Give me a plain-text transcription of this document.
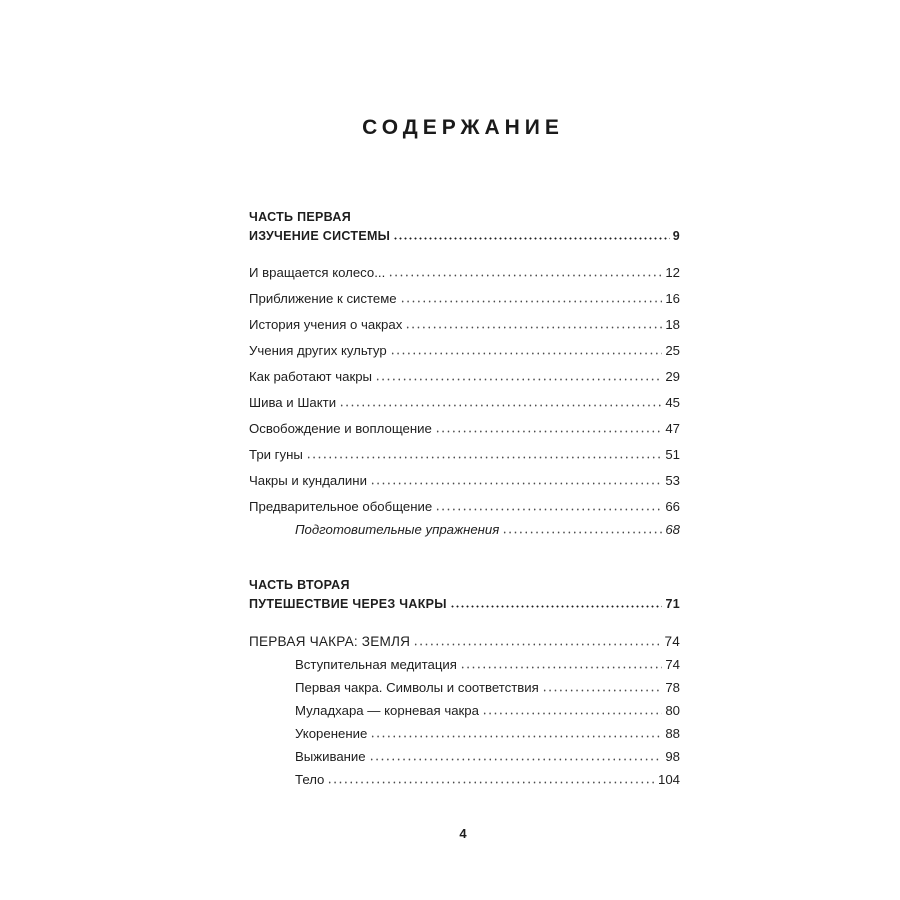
СОДЕРЖАНИЕ
ЧАСТЬ ПЕРВАЯ
ИЗУЧЕНИЕ СИСТЕМЫ	9
И вращается колесо...	12
Приближение к системе	16
История учения о чакрах	18
Учения других культур	25
Как работают чакры	29
Шива и Шакти	45
Освобождение и воплощение	47
Три гуны	51
Чакры и кундалини	53
Предварительное обобщение	66
Подготовительные упражнения	68
ЧАСТЬ ВТОРАЯ
ПУТЕШЕСТВИЕ ЧЕРЕЗ ЧАКРЫ	71
ПЕРВАЯ ЧАКРА: ЗЕМЛЯ	74
Вступительная медитация	74
Первая чакра. Символы и соответствия	78
Муладхара — корневая чакра	80
Укоренение	88
Выживание	98
Тело	104
4
